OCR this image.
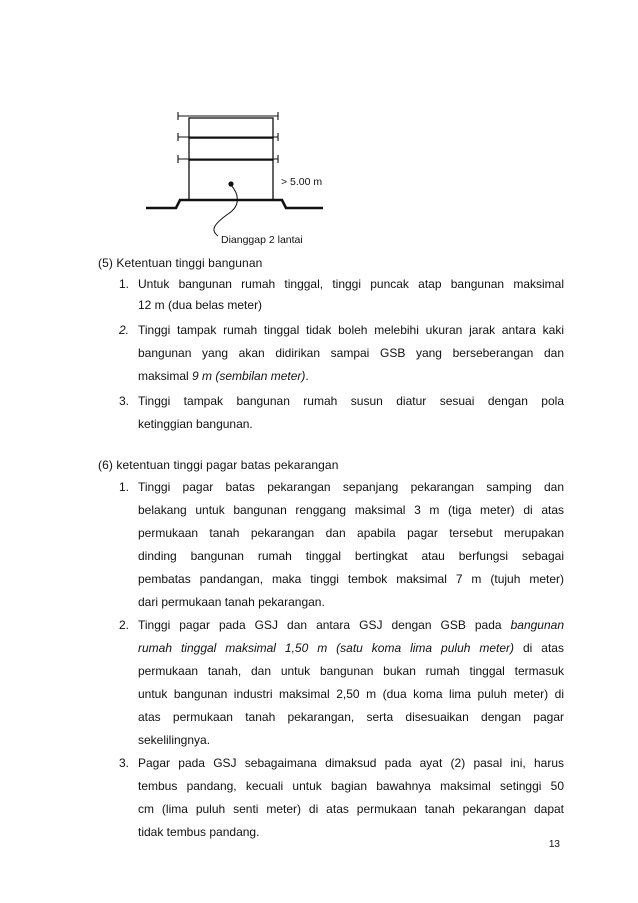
> 5.00 m
Dianggap 2 lantai
(5) Ketentuan tinggi bangunan
1. Untuk bangunan rumah tinggal, tinggi puncak atap bangunan maksimal
12 m (dua belas meter)
2. Tinggi tampak rumah tinggal tidak boleh melebihi ukuran jarak antara kaki
bangunan yang akan didirikan sampai GSB yang berseberangan dan
maksimal 9 m (sembilan meter).
3. Tinggi tampak bangunan rumah susun diatur sesuai dengan pola
ketinggian bangunan.
(6) ketentuan tinggi pagar batas pekarangan
1. Tinggi pagar batas pekarangan sepanjang pekarangan samping dan
belakang untuk bangunan renggang maksimal 3 m (tiga meter) di atas
permukaan tanah pekarangan dan apabila pagar tersebut merupakan
dinding bangunan rumah tinggal bertingkat atau berfungsi sebagai
pembatas pandangan, maka tinggi tembok maksimal 7 m (tujuh meter)
dari permukaan tanah pekarangan.
2. Tinggi pagar pada GSJ dan antara GSJ dengan GSB pada bangunan
rumah tinggal maksimal 1,50 m (satu koma lima puluh meter) di atas
permukaan tanah, dan untuk bangunan bukan rumah tinggal termasuk
untuk bangunan industri maksimal 2,50 m (dua koma lima puluh meter) di
atas permukaan tanah pekarangan, serta disesuaikan dengan pagar
sekelilingnya.
3. Pagar pada GSJ sebagaimana dimaksud pada ayat (2) pasal ini, harus
tembus pandang, kecuali untuk bagian bawahnya maksimal setinggi 50
cm (lima puluh senti meter) di atas permukaan tanah pekarangan dapat
tidak tembus pandang.
13
